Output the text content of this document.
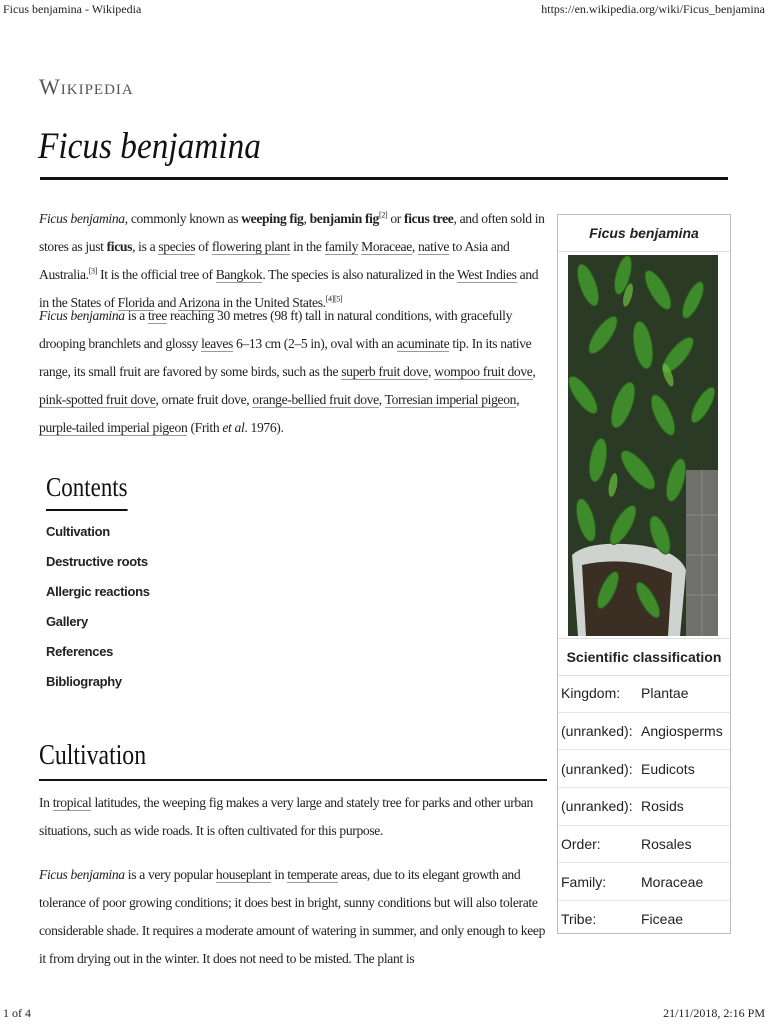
Ficus benjamina - Wikipedia	https://en.wikipedia.org/wiki/Ficus_benjamina
Wikipedia
Ficus benjamina

Ficus benjamina, commonly known as weeping fig, benjamin fig[2] or ficus tree, and often sold in stores as just ficus, is a species of flowering plant in the family Moraceae, native to Asia and Australia.[3] It is the official tree of Bangkok. The species is also naturalized in the West Indies and in the States of Florida and Arizona in the United States.[4][5]

Ficus benjamina is a tree reaching 30 metres (98 ft) tall in natural conditions, with gracefully drooping branchlets and glossy leaves 6–13 cm (2–5 in), oval with an acuminate tip. In its native range, its small fruit are favored by some birds, such as the superb fruit dove, wompoo fruit dove, pink-spotted fruit dove, ornate fruit dove, orange-bellied fruit dove, Torresian imperial pigeon, purple-tailed imperial pigeon (Frith et al. 1976).

Contents
Cultivation
Destructive roots
Allergic reactions
Gallery
References
Bibliography
Cultivation

In tropical latitudes, the weeping fig makes a very large and stately tree for parks and other urban situations, such as wide roads. It is often cultivated for this purpose.

Ficus benjamina is a very popular houseplant in temperate areas, due to its elegant growth and tolerance of poor growing conditions; it does best in bright, sunny conditions but will also tolerate considerable shade. It requires a moderate amount of watering in summer, and only enough to keep it from drying out in the winter. It does not need to be misted. The plant is

Ficus benjamina
Scientific classification
Kingdom:	Plantae
(unranked): Angiosperms
(unranked): Eudicots
(unranked): Rosids
Order:	Rosales
Family:	Moraceae
Tribe:	Ficeae
1 of 4	21/11/2018, 2:16 PM
